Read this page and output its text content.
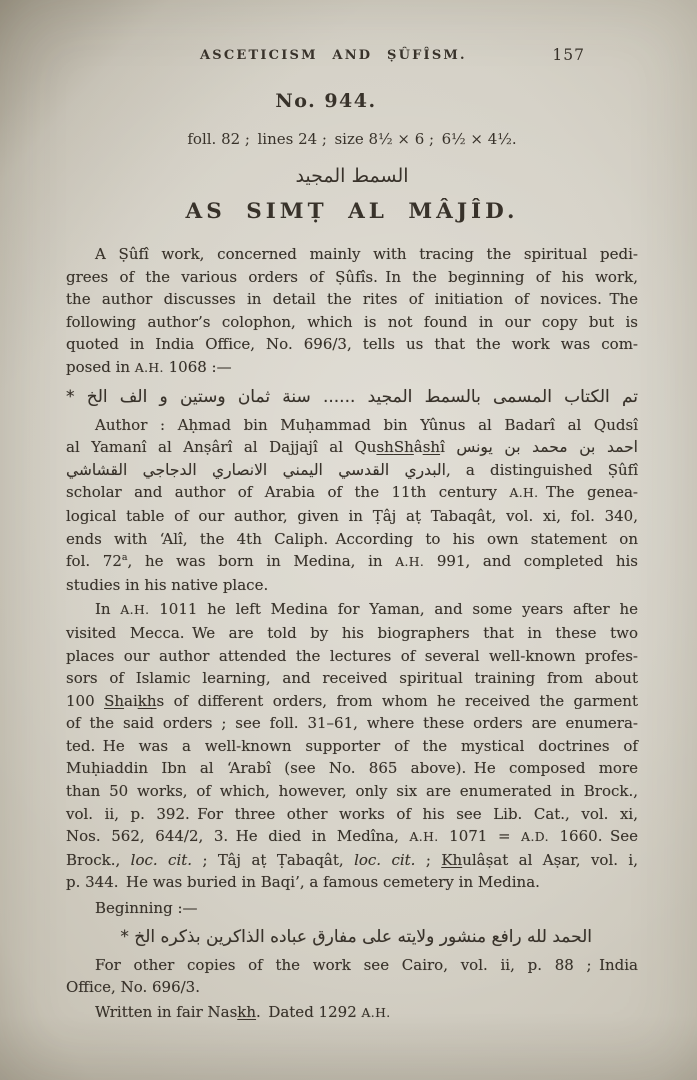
ASCETICISM AND ṢÛFÎSM.	157
No. 944.
foll. 82 ; lines 24 ; size 8½ × 6 ; 6½ × 4½.
السمط المجيد
AS SIMṬ AL MÂJÎD.
A Ṣûfî work, concerned mainly with tracing the spiritual pedi-
grees of the various orders of Ṣûfîs. In the beginning of his work,
the author discusses in detail the rites of initiation of novices. The
following author’s colophon, which is not found in our copy but is
quoted in India Office, No. 696/3, tells us that the work was com-
posed in A.H. 1068 :—
تم الكتاب المسمى بالسمط المجيد ...... سنة ثمان وستين و الف الخ *
Author : Aḥmad bin Muḥammad bin Yûnus al Badarî al Qudsî
al Yamanî al Anṣârî al Dajjajî al QushShâshî احمد بن محمد بن يونس
البدري القدسي اليمني الانصاري الدجاجي القشاشي, a distinguished Ṣûfî
scholar and author of Arabia of the 11th century A.H. The genea-
logical table of our author, given in Ṭâj aṭ Tabaqât, vol. xi, fol. 340,
ends with ‘Alî, the 4th Caliph. According to his own statement on
fol. 72$^a$, he was born in Medina, in A.H. 991, and completed his
studies in his native place.
In A.H. 1011 he left Medina for Yaman, and some years after he
visited Mecca. We are told by his biographers that in these two
places our author attended the lectures of several well-known profes-
sors of Islamic learning, and received spiritual training from about
100 Shaikhs of different orders, from whom he received the garment
of the said orders ; see foll. 31–61, where these orders are enumera-
ted. He was a well-known supporter of the mystical doctrines of
Muḥiaddin Ibn al ‘Arabî (see No. 865 above). He composed more
than 50 works, of which, however, only six are enumerated in Brock.,
vol. ii, p. 392. For three other works of his see Lib. Cat., vol. xi,
Nos. 562, 644/2, 3. He died in Medîna, A.H. 1071 = A.D. 1660. See
Brock., loc. cit. ; Tâj aṭ Ṭabaqât, loc. cit. ; Khulâṣat al Aṣar, vol. i,
p. 344. He was buried in Baqi’, a famous cemetery in Medina.
Beginning :—
الحمد لله رافع منشور ولايته على مفارق عباده الذاكرين بذكره الخ *
For other copies of the work see Cairo, vol. ii, p. 88 ; India
Office, No. 696/3.
Written in fair Naskh. Dated 1292 A.H.
